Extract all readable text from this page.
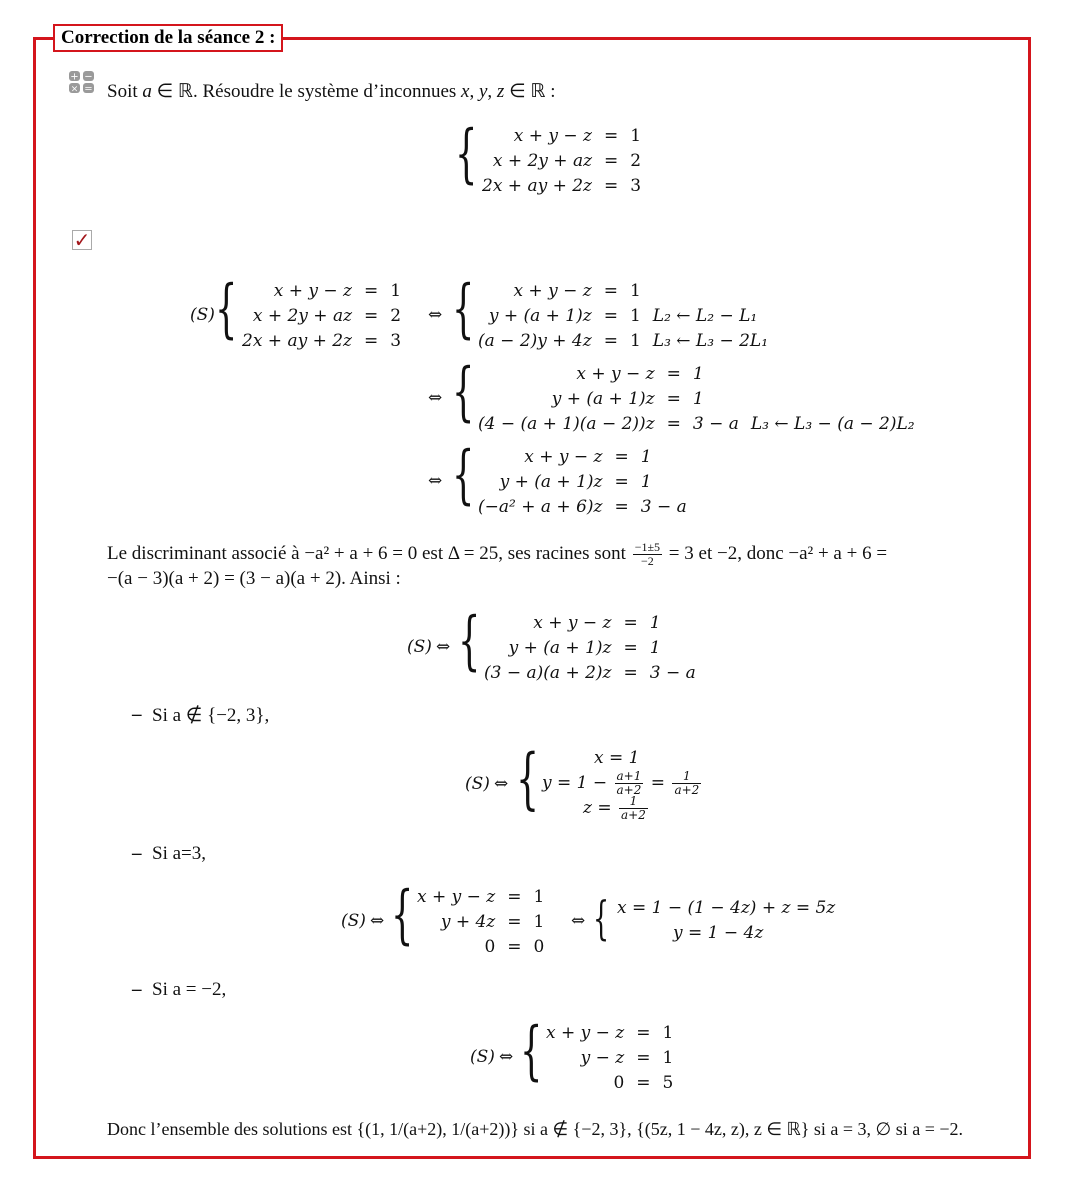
Correction de la séance 2 :
+ −
× = Soit a ∈ ℝ. Résoudre le système d’inconnues x, y, z ∈ ℝ :
{ x + y − z	=	1
x + 2y + az	=	2
2x + ay + 2z	=	3
✓
(S) { x + y − z	=	1
x + 2y + az	=	2
2x + ay + 2z	=	3
⇔ { x + y − z	=	1	
y + (a + 1)z	=	1	L₂ ← L₂ − L₁
(a − 2)y + 4z	=	1	L₃ ← L₃ − 2L₁
⇔ {	x + y − z	=	1	
y + (a + 1)z	=	1	
(4 − (a + 1)(a − 2))z	=	3 − a	L₃ ← L₃ − (a − 2)L₂
⇔ {	x + y − z	=	1
y + (a + 1)z	=	1
(−a² + a + 6)z	=	3 − a
Le discriminant associé à −a² + a + 6 = 0 est Δ = 25, ses racines sont $\frac{-1\pm 5}{-2} = 3$ et −2, donc −a² + a + 6 =
−(a − 3)(a + 2) = (3 − a)(a + 2). Ainsi :
(S) ⇔ {	x + y − z	=	1
y + (a + 1)z	=	1
(3 − a)(a + 2)z	=	3 − a
– Si a ∉ {−2, 3},
(S) ⇔ {	x = 1
$y = 1 - \frac{a+1}{a+2} = \frac{1}{a+2}$
$z = \frac{1}{a+2}$
– Si a=3,
(S) ⇔ { x + y − z	=	1
y + 4z	=	1
0	=	0
⇔ { x = 1 − (1 − 4z) + z = 5z
y = 1 − 4z
– Si a = −2,
(S) ⇔ { x + y − z	=	1
y − z	=	1
0	=	5
Donc l’ensemble des solutions est {(1, 1/(a+2), 1/(a+2))} si a ∉ {−2, 3}, {(5z, 1 − 4z, z), z ∈ ℝ} si a = 3, ∅ si a = −2.
